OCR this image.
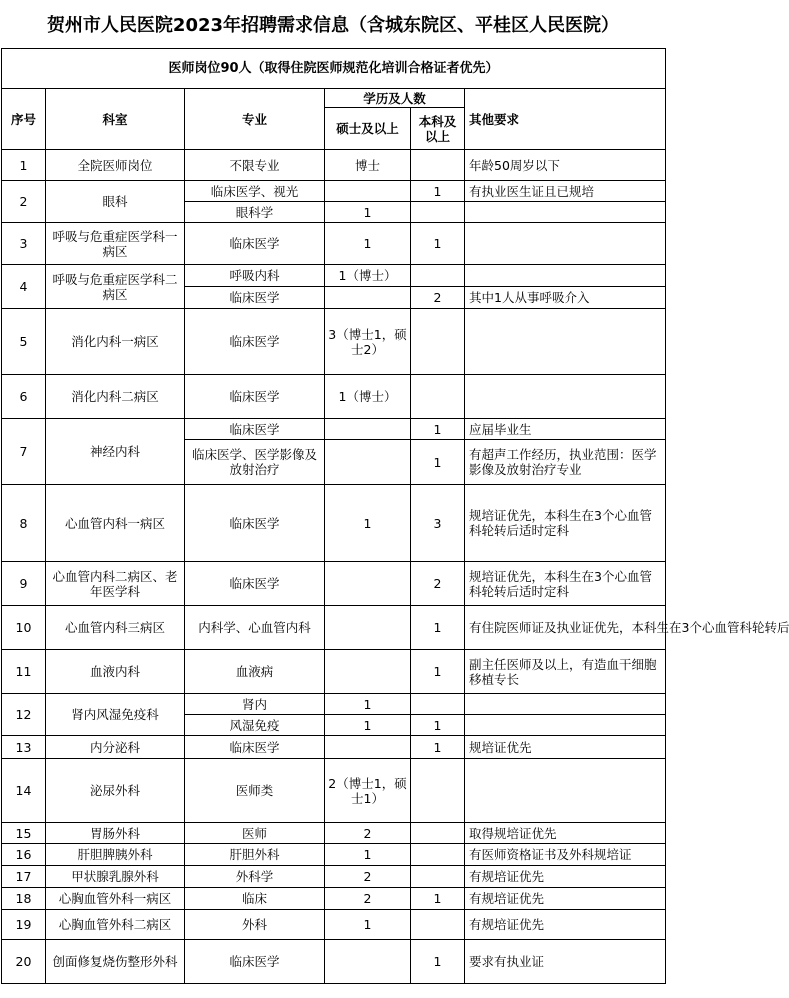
贺州市人民医院2023年招聘需求信息（含城东院区、平桂区人民医院）
医师岗位90人（取得住院医师规范化培训合格证者优先）					
序号	科室	专业	学历及人数		其他要求
			硕士及以上	本科及以上	
1	全院医师岗位	不限专业	博士		年龄50周岁以下
2	眼科	临床医学、视光		1	有执业医生证且已规培
		眼科学	1		
3	呼吸与危重症医学科一病区	临床医学	1	1	
4	呼吸与危重症医学科二病区	呼吸内科	1（博士）		
		临床医学		2	其中1人从事呼吸介入
5	消化内科一病区	临床医学	3（博士1，硕士2）		
6	消化内科二病区	临床医学	1（博士）		
7	神经内科	临床医学		1	应届毕业生
		临床医学、医学影像及放射治疗		1	有超声工作经历，执业范围：医学影像及放射治疗专业
8	心血管内科一病区	临床医学	1	3	规培证优先，本科生在3个心血管科轮转后适时定科
9	心血管内科二病区、老年医学科	临床医学		2	规培证优先，本科生在3个心血管科轮转后适时定科
10	心血管内科三病区	内科学、心血管内科		1	有住院医师证及执业证优先，本科生在3个心血管科轮转后
11	血液内科	血液病		1	副主任医师及以上，有造血干细胞移植专长
12	肾内风湿免疫科	肾内	1		
		风湿免疫	1	1	
13	内分泌科	临床医学		1	规培证优先
14	泌尿外科	医师类	2（博士1，硕士1）		
15	胃肠外科	医师	2		取得规培证优先
16	肝胆脾胰外科	肝胆外科	1		有医师资格证书及外科规培证
17	甲状腺乳腺外科	外科学	2		有规培证优先
18	心胸血管外科一病区	临床	2	1	有规培证优先
19	心胸血管外科二病区	外科	1		有规培证优先
20	创面修复烧伤整形外科	临床医学		1	要求有执业证
